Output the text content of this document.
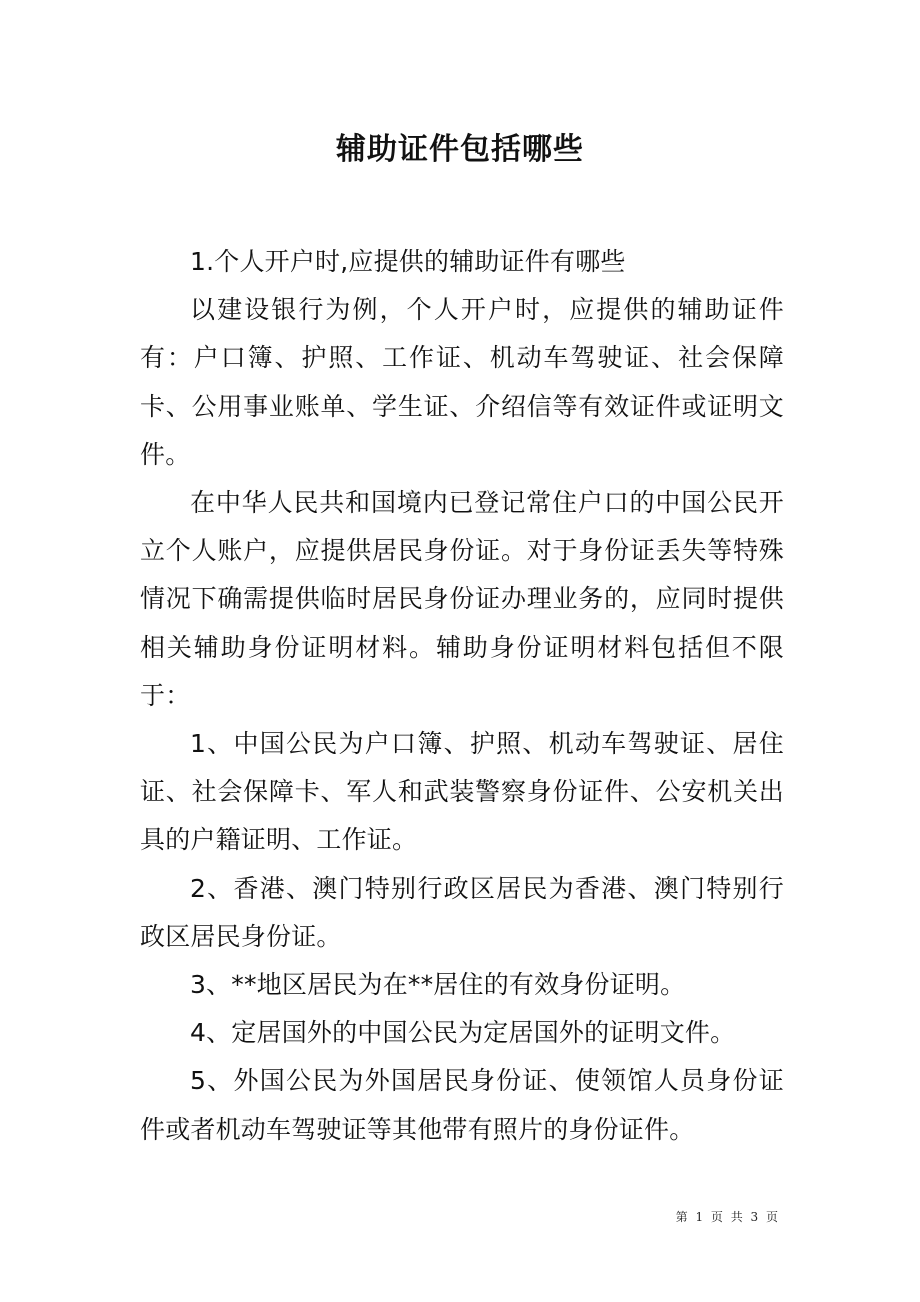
辅助证件包括哪些

1.个人开户时,应提供的辅助证件有哪些

以建设银行为例，个人开户时，应提供的辅助证件有：户口簿、护照、工作证、机动车驾驶证、社会保障卡、公用事业账单、学生证、介绍信等有效证件或证明文件。

在中华人民共和国境内已登记常住户口的中国公民开立个人账户，应提供居民身份证。对于身份证丢失等特殊情况下确需提供临时居民身份证办理业务的，应同时提供相关辅助身份证明材料。辅助身份证明材料包括但不限于：

1、中国公民为户口簿、护照、机动车驾驶证、居住证、社会保障卡、军人和武装警察身份证件、公安机关出具的户籍证明、工作证。

2、香港、澳门特别行政区居民为香港、澳门特别行政区居民身份证。

3、**地区居民为在**居住的有效身份证明。

4、定居国外的中国公民为定居国外的证明文件。

5、外国公民为外国居民身份证、使领馆人员身份证件或者机动车驾驶证等其他带有照片的身份证件。

第 1 页 共 3 页
